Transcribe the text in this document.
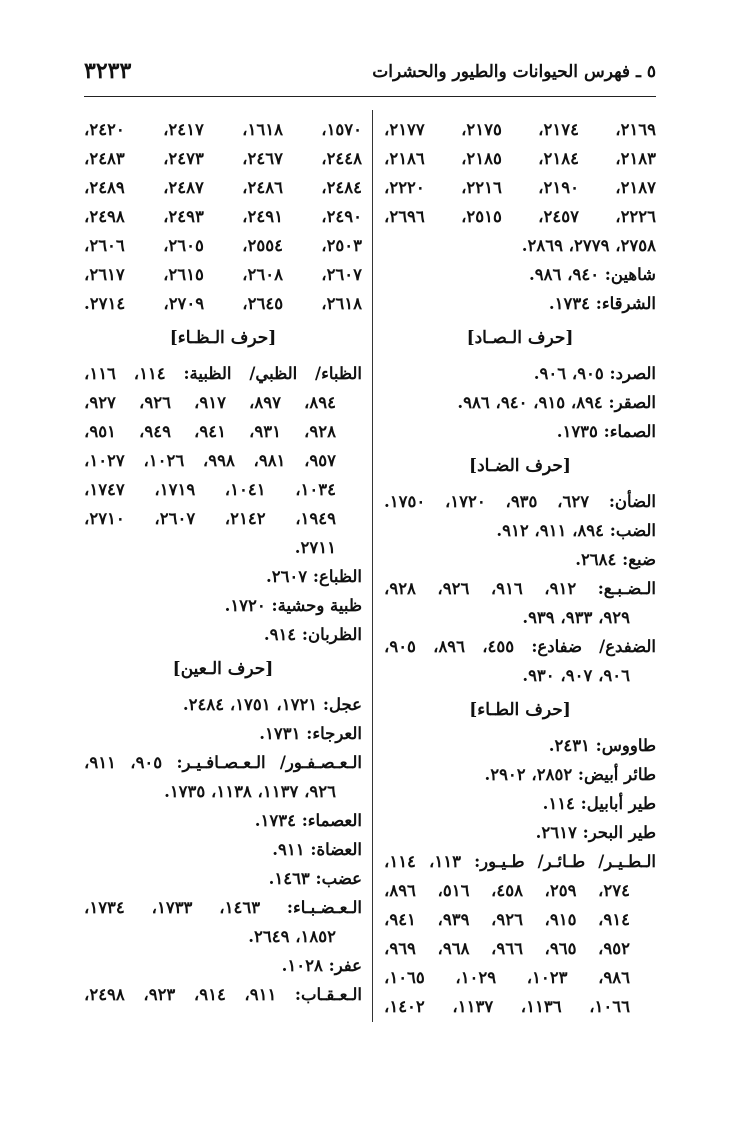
٥ ـ فهرس الحيوانات والطيور والحشرات
٣٢٣٣
٢١٦٩، ٢١٧٤، ٢١٧٥، ٢١٧٧،
٢١٨٣، ٢١٨٤، ٢١٨٥، ٢١٨٦،
٢١٨٧، ٢١٩٠، ٢٢١٦، ٢٢٢٠،
٢٢٢٦، ٢٤٥٧، ٢٥١٥، ٢٦٩٦،
٢٧٥٨، ٢٧٧٩، ٢٨٦٩.
شاهين: ٩٤٠، ٩٨٦.
الشرقاء: ١٧٣٤.
[حرف الـصـاد]
الصرد: ٩٠٥، ٩٠٦.
الصقر: ٨٩٤، ٩١٥، ٩٤٠، ٩٨٦.
الصماء: ١٧٣٥.
[حرف الضـاد]
الضأن: ٦٢٧، ٩٣٥، ١٧٢٠، ١٧٥٠.
الضب: ٨٩٤، ٩١١، ٩١٢.
ضبع: ٢٦٨٤.
الـضـبـع: ٩١٢، ٩١٦، ٩٢٦، ٩٢٨،
٩٢٩، ٩٣٣، ٩٣٩.
الضفدع/ ضفادع: ٤٥٥، ٨٩٦، ٩٠٥،
٩٠٦، ٩٠٧، ٩٣٠.
[حرف الطـاء]
طاووس: ٢٤٣١.
طائر أبيض: ٢٨٥٢، ٢٩٠٢.
طير أبابيل: ١١٤.
طير البحر: ٢٦١٧.
الـطـيـر/ طـائـر/ طـيـور: ١١٣، ١١٤،
٢٧٤، ٢٥٩، ٤٥٨، ٥١٦، ٨٩٦،
٩١٤، ٩١٥، ٩٢٦، ٩٣٩، ٩٤١،
٩٥٢، ٩٦٥، ٩٦٦، ٩٦٨، ٩٦٩،
٩٨٦، ١٠٢٣، ١٠٢٩، ١٠٦٥،
١٠٦٦، ١١٣٦، ١١٣٧، ١٤٠٢،
١٥٧٠، ١٦١٨، ٢٤١٧، ٢٤٢٠،
٢٤٤٨، ٢٤٦٧، ٢٤٧٣، ٢٤٨٣،
٢٤٨٤، ٢٤٨٦، ٢٤٨٧، ٢٤٨٩،
٢٤٩٠، ٢٤٩١، ٢٤٩٣، ٢٤٩٨،
٢٥٠٣، ٢٥٥٤، ٢٦٠٥، ٢٦٠٦،
٢٦٠٧، ٢٦٠٨، ٢٦١٥، ٢٦١٧،
٢٦١٨، ٢٦٤٥، ٢٧٠٩، ٢٧١٤.
[حرف الـظـاء]
الظباء/ الظبي/ الظبية: ١١٤، ١١٦،
٨٩٤، ٨٩٧، ٩١٧، ٩٢٦، ٩٢٧،
٩٢٨، ٩٣١، ٩٤١، ٩٤٩، ٩٥١،
٩٥٧، ٩٨١، ٩٩٨، ١٠٢٦، ١٠٢٧،
١٠٣٤، ١٠٤١، ١٧١٩، ١٧٤٧،
١٩٤٩، ٢١٤٢، ٢٦٠٧، ٢٧١٠،
٢٧١١.
الظباع: ٢٦٠٧.
ظبية وحشية: ١٧٢٠.
الظربان: ٩١٤.
[حرف الـعين]
عجل: ١٧٢١، ١٧٥١، ٢٤٨٤.
العرجاء: ١٧٣١.
الـعـصـفـور/ الـعـصـافـيـر: ٩٠٥، ٩١١،
٩٢٦، ١١٣٧، ١١٣٨، ١٧٣٥.
العصماء: ١٧٣٤.
العضاة: ٩١١.
عضب: ١٤٦٣.
الـعـضـبـاء: ١٤٦٣، ١٧٣٣، ١٧٣٤،
١٨٥٢، ٢٦٤٩.
عفر: ١٠٢٨.
الـعـقـاب: ٩١١، ٩١٤، ٩٢٣، ٢٤٩٨،
